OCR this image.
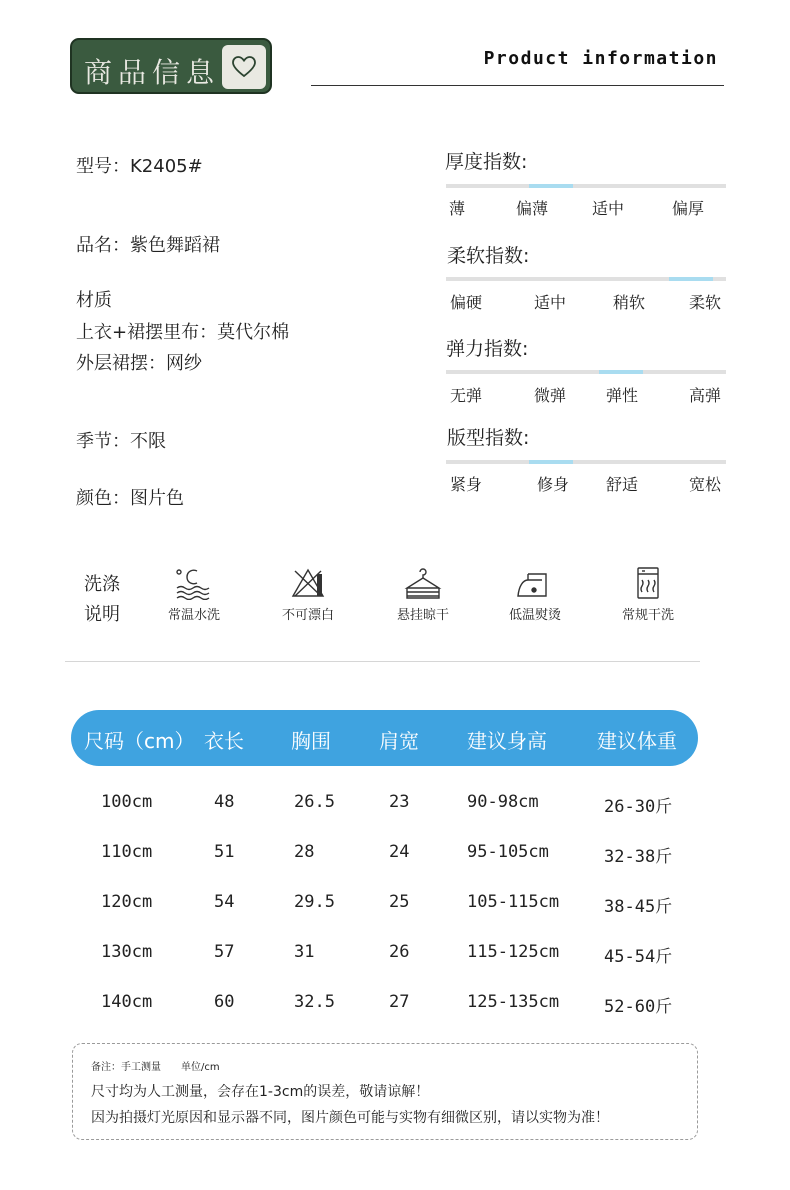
商品信息	Product information
型号：K2405#
品名：紫色舞蹈裙
材质
上衣+裙摆里布：莫代尔棉
外层裙摆：网纱
季节：不限
颜色：图片色
厚度指数:
薄	偏薄	适中	偏厚
柔软指数:
偏硬	适中	稍软	柔软
弹力指数:
无弹	微弹 弹性	高弹
版型指数:
紧身	修身 舒适	宽松
洗涤
说明	常温水洗	不可漂白	悬挂晾干	低温熨烫	常规干洗
尺码（cm） 衣长 胸围 肩宽 建议身高	建议体重
100cm	48	26.5	23	90-98cm	26-30斤
110cm	51	28	24	95-105cm	32-38斤
120cm	54	29.5	25	105-115cm	38-45斤
130cm	57	31	26	115-125cm	45-54斤
140cm	60	32.5	27	125-135cm	52-60斤
备注：手工测量　　单位/cm
尺寸均为人工测量，会存在1-3cm的误差，敬请谅解！
因为拍摄灯光原因和显示器不同，图片颜色可能与实物有细微区别，请以实物为准！
